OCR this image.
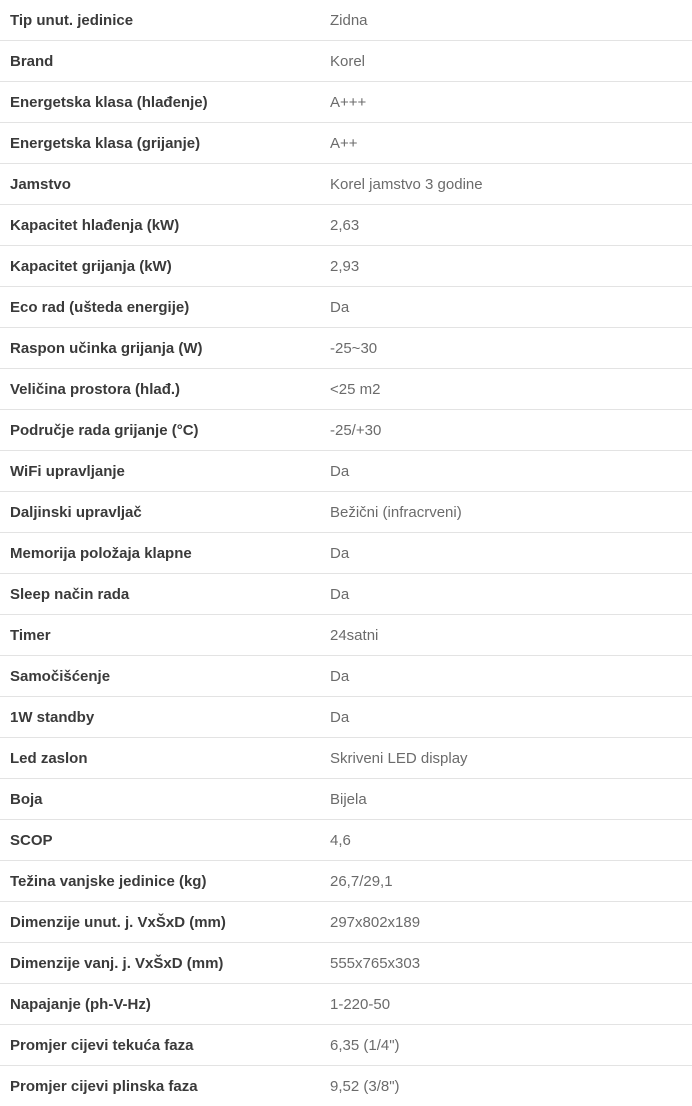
Tip unut. jedinice	Zidna
Brand	Korel
Energetska klasa (hlađenje)	A+++
Energetska klasa (grijanje)	A++
Jamstvo	Korel jamstvo 3 godine
Kapacitet hlađenja (kW)	2,63
Kapacitet grijanja (kW)	2,93
Eco rad (ušteda energije)	Da
Raspon učinka grijanja (W)	-25~30
Veličina prostora (hlađ.)	<25 m2
Područje rada grijanje (°C)	-25/+30
WiFi upravljanje	Da
Daljinski upravljač	Bežični (infracrveni)
Memorija položaja klapne	Da
Sleep način rada	Da
Timer	24satni
Samočišćenje	Da
1W standby	Da
Led zaslon	Skriveni LED display
Boja	Bijela
SCOP	4,6
Težina vanjske jedinice (kg)	26,7/29,1
Dimenzije unut. j. VxŠxD (mm)	297x802x189
Dimenzije vanj. j. VxŠxD (mm)	555x765x303
Napajanje (ph-V-Hz)	1-220-50
Promjer cijevi tekuća faza	6,35 (1/4")
Promjer cijevi plinska faza	9,52 (3/8")
